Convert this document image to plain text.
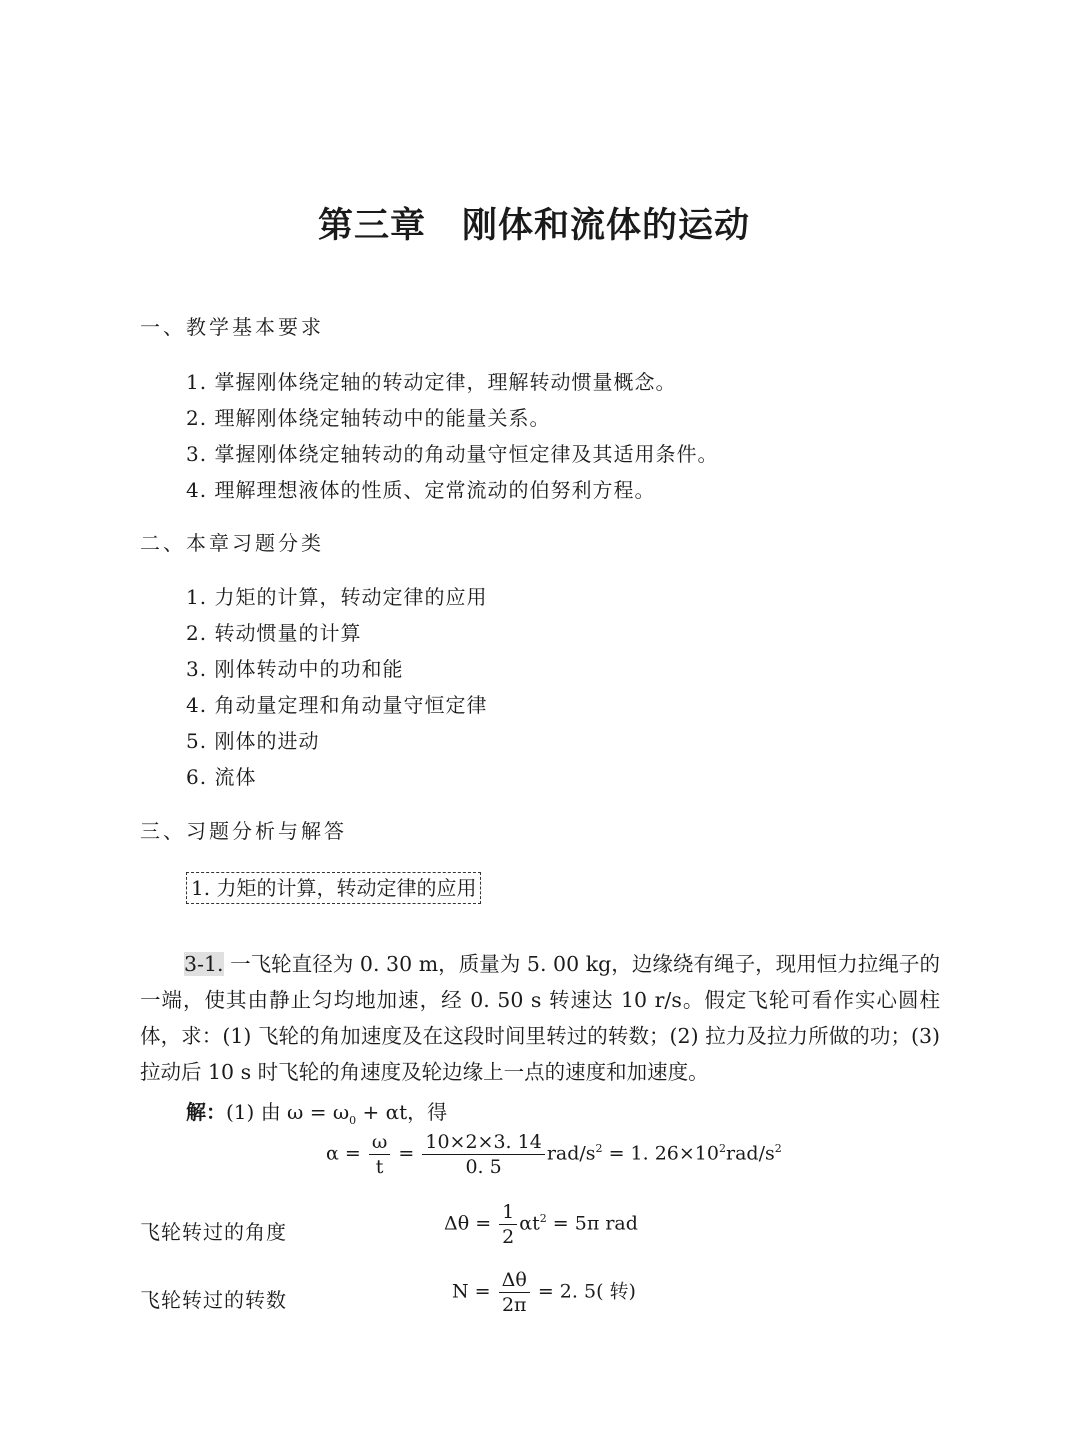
第三章　刚体和流体的运动
一、教学基本要求
1. 掌握刚体绕定轴的转动定律，理解转动惯量概念。
2. 理解刚体绕定轴转动中的能量关系。
3. 掌握刚体绕定轴转动的角动量守恒定律及其适用条件。
4. 理解理想液体的性质、定常流动的伯努利方程。
二、本章习题分类
1. 力矩的计算，转动定律的应用
2. 转动惯量的计算
3. 刚体转动中的功和能
4. 角动量定理和角动量守恒定律
5. 刚体的进动
6. 流体
三、习题分析与解答
1. 力矩的计算，转动定律的应用
3-1. 一飞轮直径为 0. 30 m，质量为 5. 00 kg，边缘绕有绳子，现用恒力拉绳子的一端，使其由静止匀均地加速，经 0. 50 s 转速达 10 r/s。假定飞轮可看作实心圆柱体，求：(1) 飞轮的角加速度及在这段时间里转过的转数；(2) 拉力及拉力所做的功；(3) 拉动后 10 s 时飞轮的角速度及轮边缘上一点的速度和加速度。
解：(1) 由 $\omega = \omega_0 + \alpha t$，得
$\alpha = \frac{\omega}{t} = \frac{10\times 2\times 3. 14}{0. 5} rad/s^2 = 1$. $26\times 10^2rad/s^2$
飞轮转过的角度	$\Delta\theta = \frac{1}{2} \alpha t^2 = 5\pi$ rad
飞轮转过的转数	$N = \frac{\Delta\theta}{2\pi} = 2$. 5( 转)
